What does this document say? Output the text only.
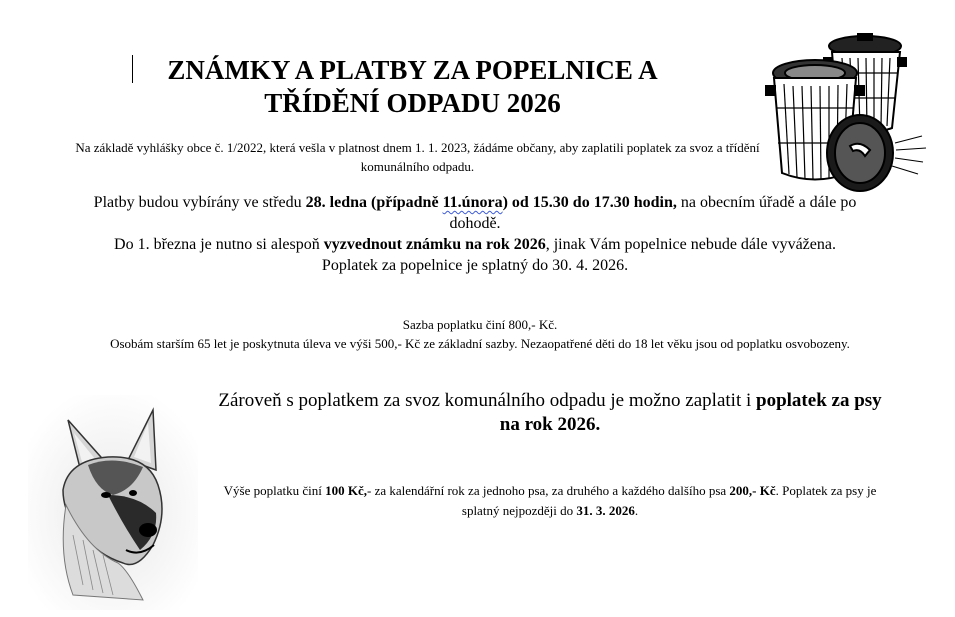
ZNÁMKY A PLATBY ZA POPELNICE A
TŘÍDĚNÍ ODPADU 2026
Na základě vyhlášky obce č. 1/2022, která vešla v platnost dnem 1. 1. 2023, žádáme občany, aby zaplatili poplatek za svoz a třídění komunálního odpadu.

Platby budou vybírány ve středu 28. ledna (případně 11.února) od 15.30 do 17.30 hodin, na obecním úřadě a dále po dohodě.

Do 1. března je nutno si alespoň vyzvednout známku na rok 2026, jinak Vám popelnice nebude dále vyvážena.

Poplatek za popelnice je splatný do 30. 4. 2026.

Sazba poplatku činí 800,- Kč.

Osobám starším 65 let je poskytnuta úleva ve výši 500,- Kč ze základní sazby. Nezaopatřené děti do 18 let věku jsou od poplatku osvobozeny.

Zároveň s poplatkem za svoz komunálního odpadu je možno zaplatit i poplatek za psy

na rok 2026.

Výše poplatku činí 100 Kč,- za kalendářní rok za jednoho psa, za druhého a každého dalšího psa 200,- Kč. Poplatek za psy je splatný nejpozději do 31. 3. 2026.
